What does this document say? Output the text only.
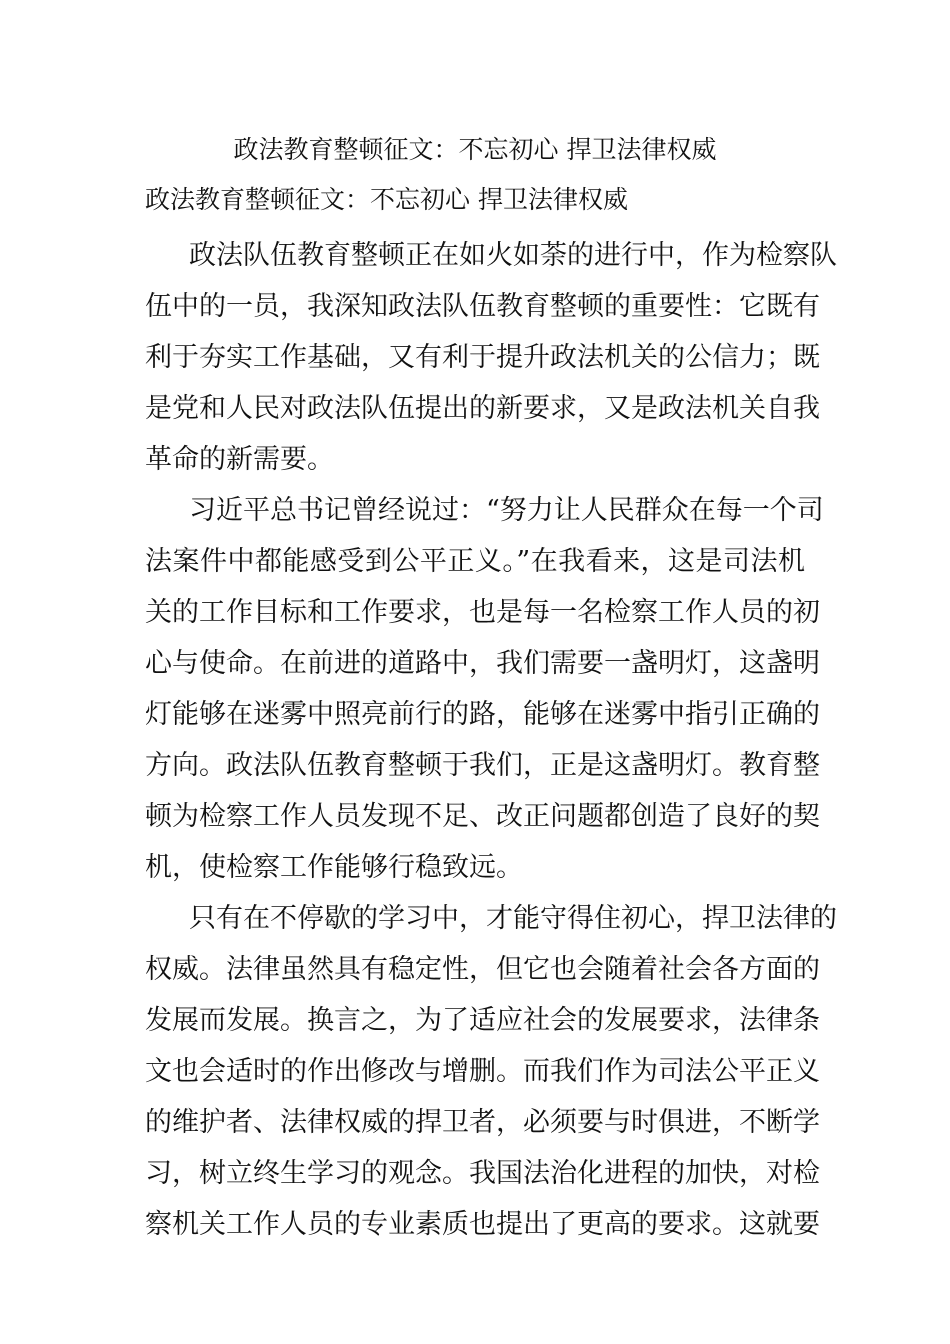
政法教育整顿征文：不忘初心 捍卫法律权威
政法教育整顿征文：不忘初心 捍卫法律权威

政法队伍教育整顿正在如火如荼的进行中，作为检察队
伍中的一员，我深知政法队伍教育整顿的重要性：它既有
利于夯实工作基础，又有利于提升政法机关的公信力；既
是党和人民对政法队伍提出的新要求，又是政法机关自我
革命的新需要。

习近平总书记曾经说过：“努力让人民群众在每一个司
法案件中都能感受到公平正义。”在我看来，这是司法机
关的工作目标和工作要求，也是每一名检察工作人员的初
心与使命。在前进的道路中，我们需要一盏明灯，这盏明
灯能够在迷雾中照亮前行的路，能够在迷雾中指引正确的
方向。政法队伍教育整顿于我们，正是这盏明灯。教育整
顿为检察工作人员发现不足、改正问题都创造了良好的契
机，使检察工作能够行稳致远。

只有在不停歇的学习中，才能守得住初心，捍卫法律的
权威。法律虽然具有稳定性，但它也会随着社会各方面的
发展而发展。换言之，为了适应社会的发展要求，法律条
文也会适时的作出修改与增删。而我们作为司法公平正义
的维护者、法律权威的捍卫者，必须要与时俱进，不断学
习，树立终生学习的观念。我国法治化进程的加快，对检
察机关工作人员的专业素质也提出了更高的要求。这就要
